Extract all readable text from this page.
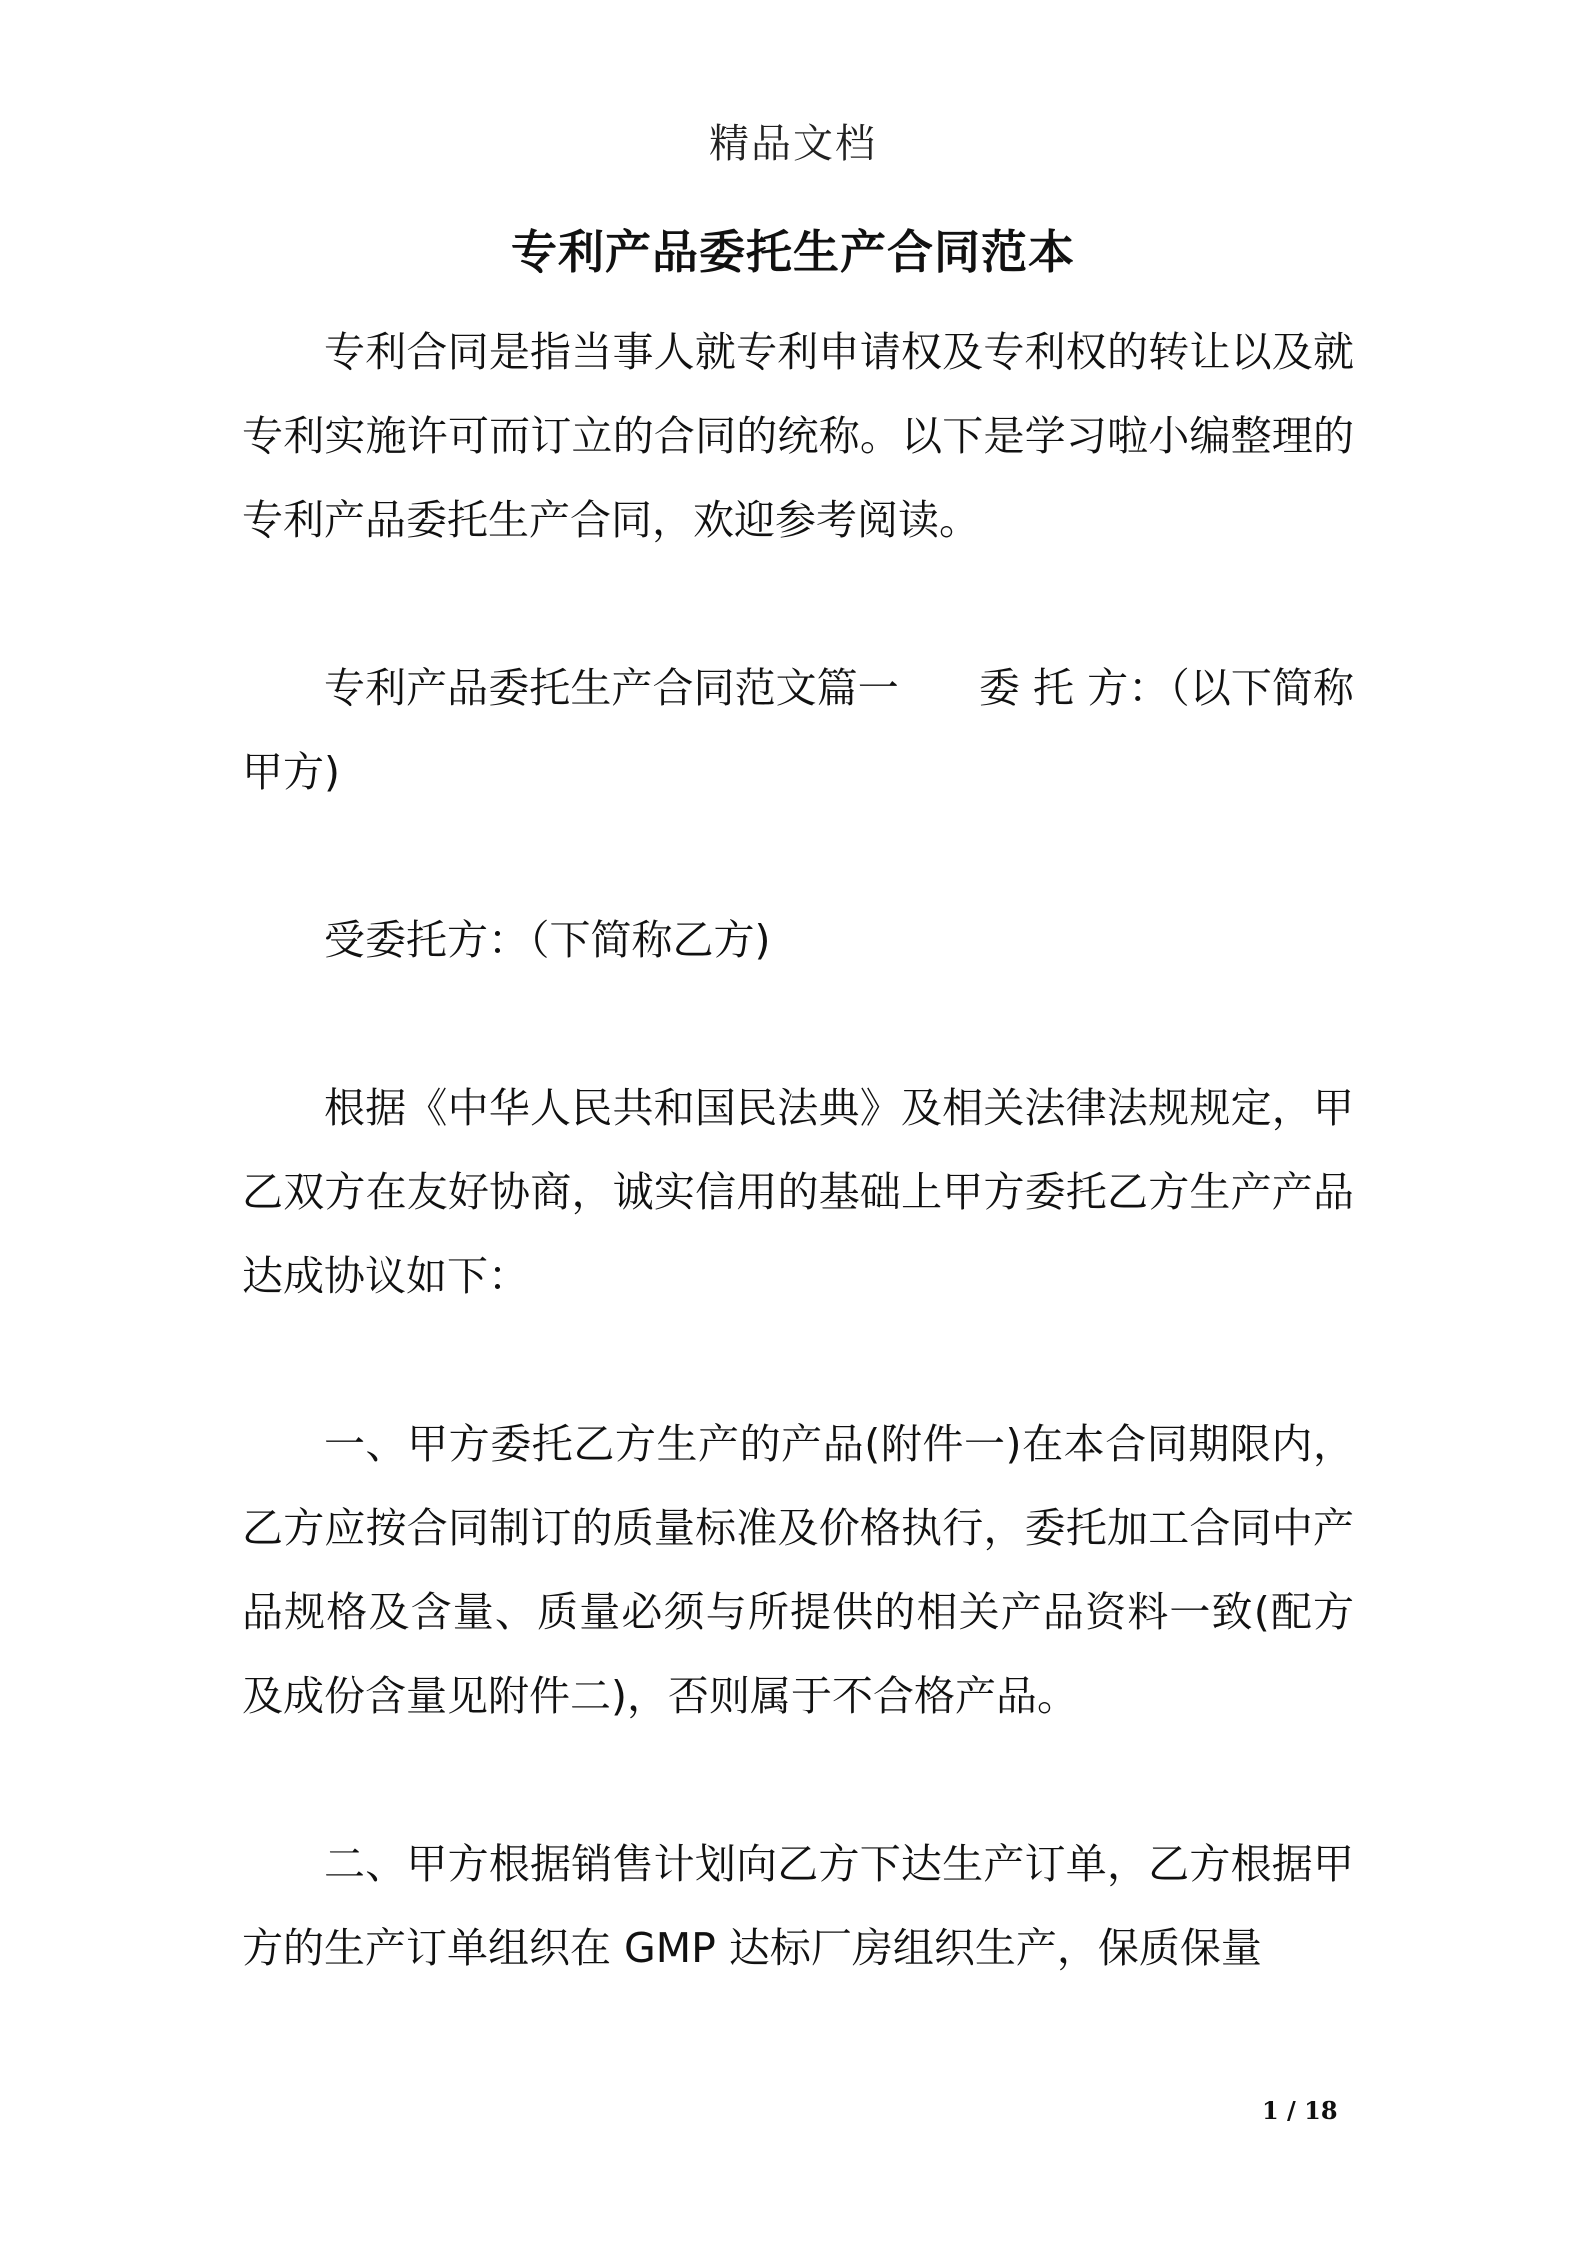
精品文档
专利产品委托生产合同范本

专利合同是指当事人就专利申请权及专利权的转让以及就专利实施许可而订立的合同的统称。以下是学习啦小编整理的专利产品委托生产合同，欢迎参考阅读。

专利产品委托生产合同范文篇一 委 托 方：（以下简称甲方)

受委托方：（下简称乙方)

根据《中华人民共和国民法典》及相关法律法规规定，甲乙双方在友好协商，诚实信用的基础上甲方委托乙方生产产品达成协议如下：

一、甲方委托乙方生产的产品(附件一)在本合同期限内，乙方应按合同制订的质量标准及价格执行，委托加工合同中产品规格及含量、质量必须与所提供的相关产品资料一致(配方及成份含量见附件二)，否则属于不合格产品。

二、甲方根据销售计划向乙方下达生产订单，乙方根据甲方的生产订单组织在 GMP 达标厂房组织生产，保质保量

1 / 18
